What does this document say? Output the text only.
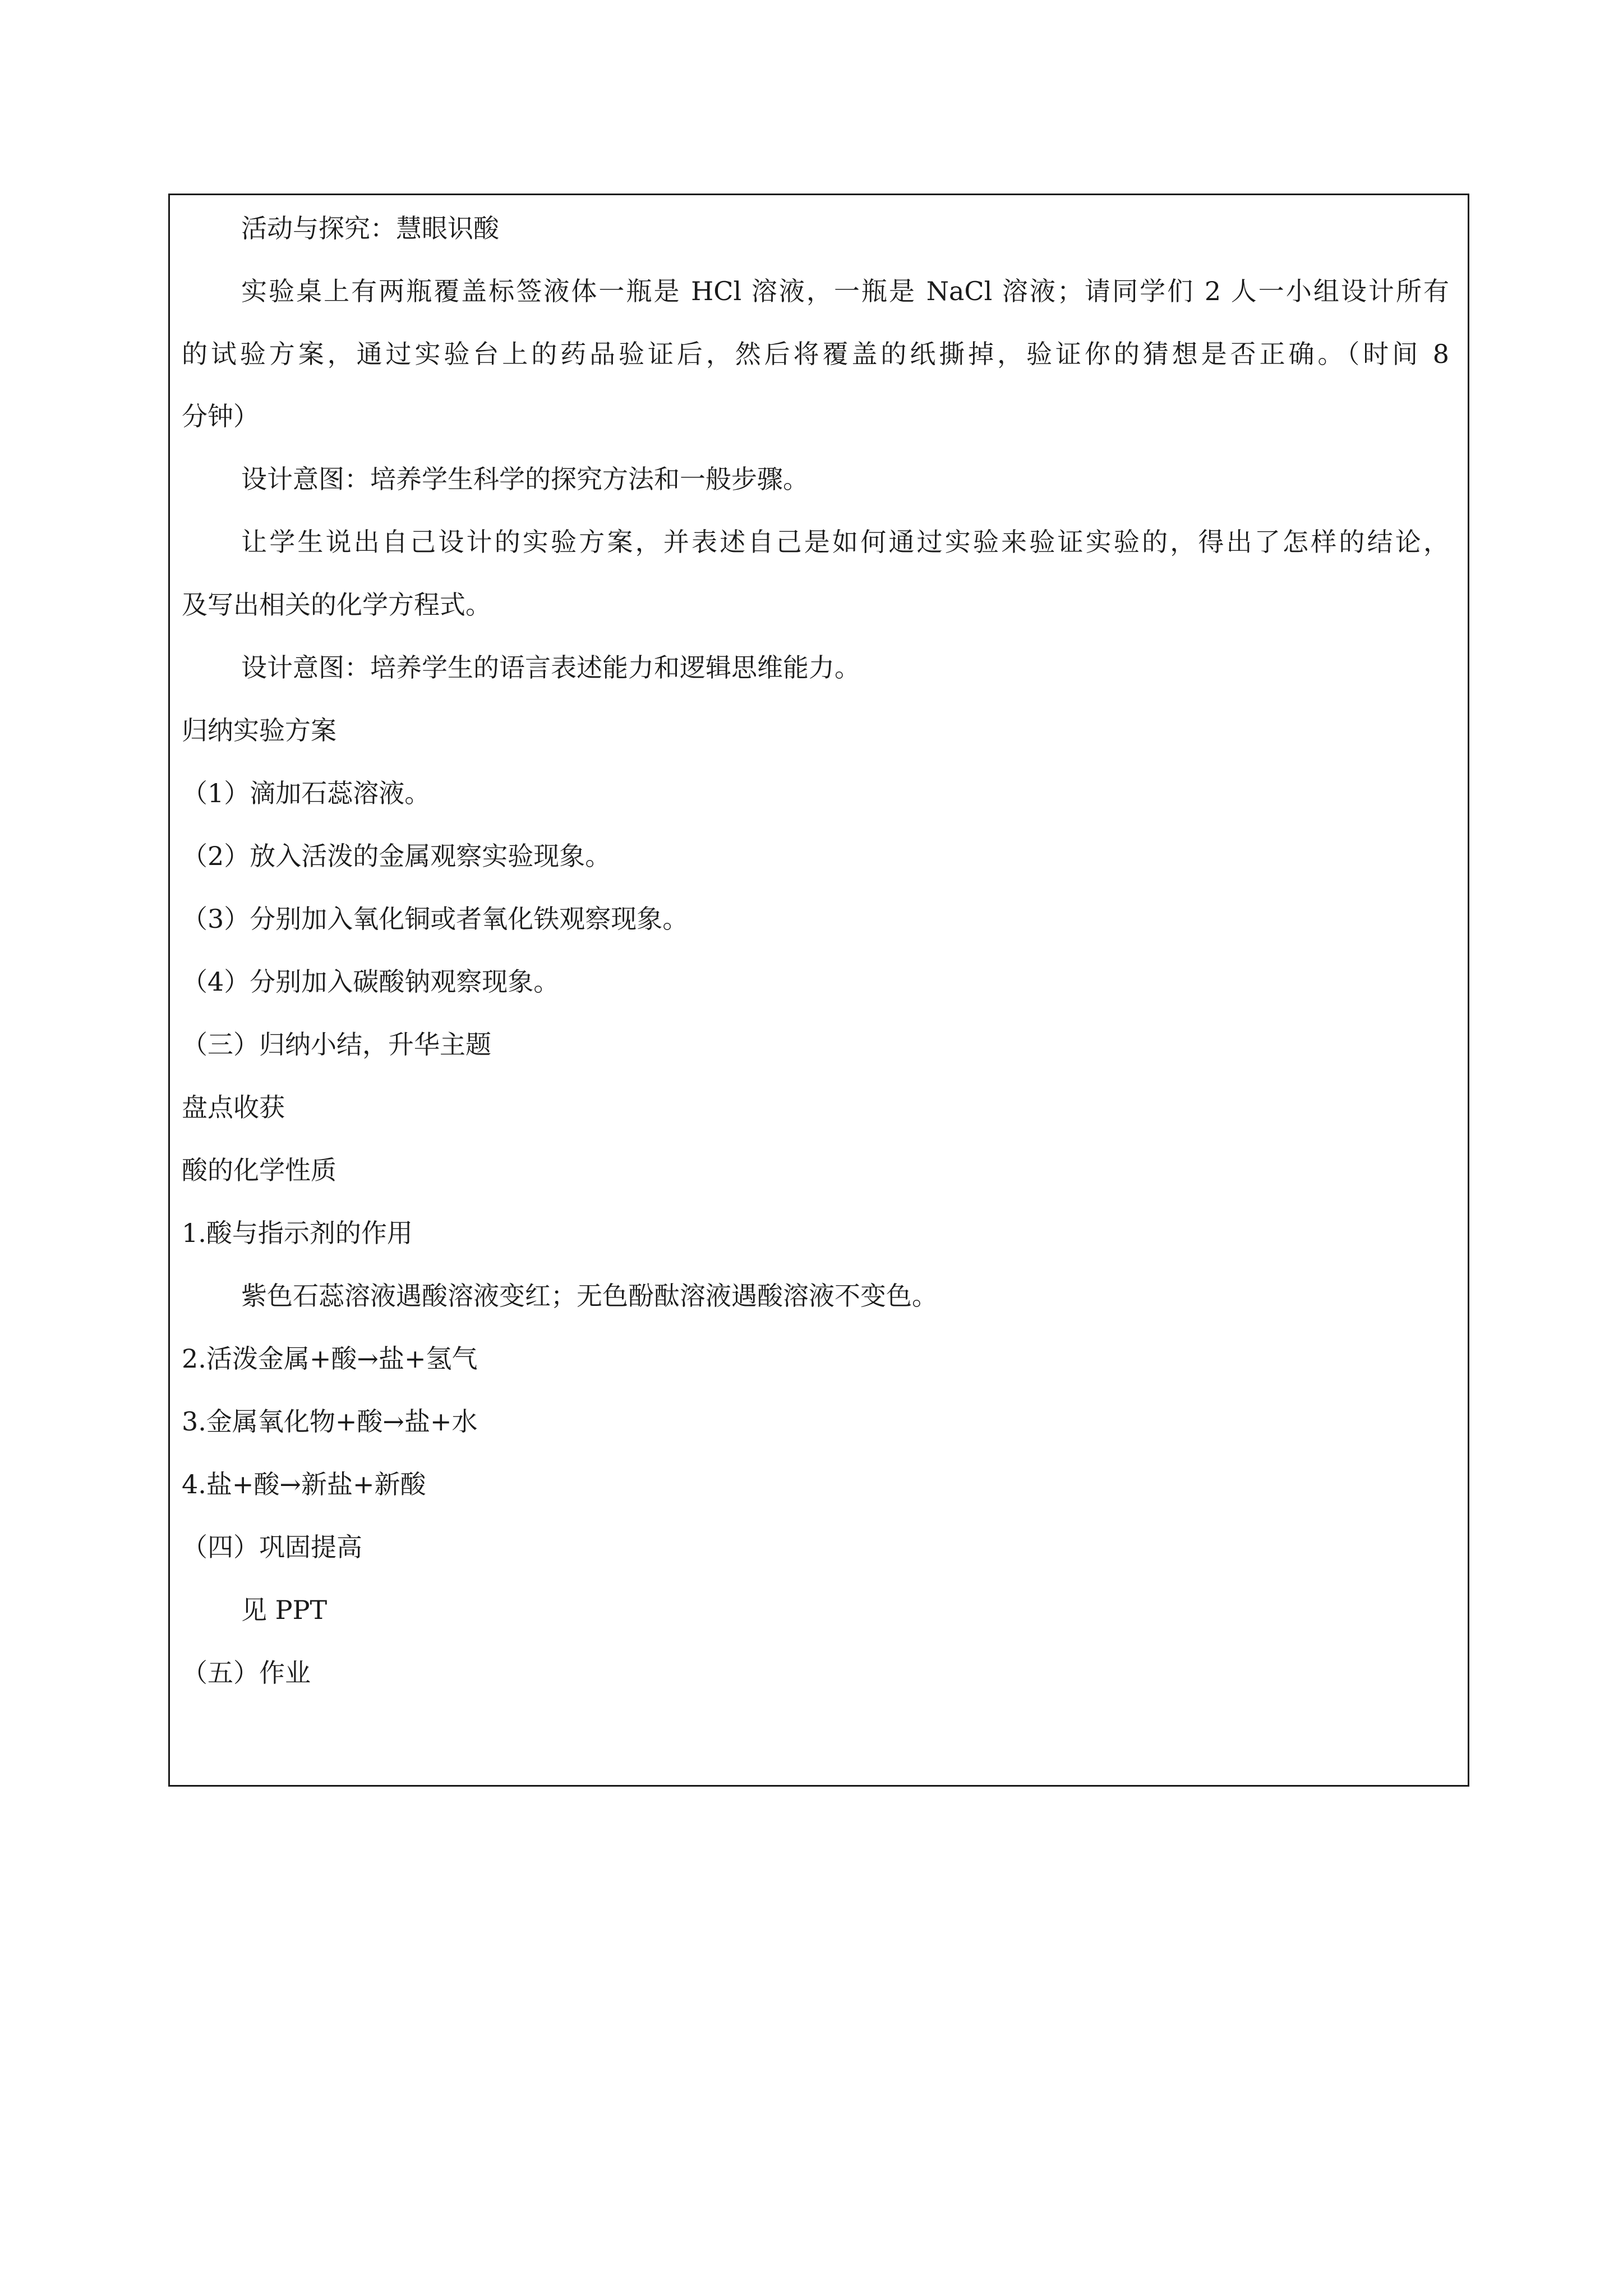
活动与探究：慧眼识酸
实验桌上有两瓶覆盖标签液体一瓶是 HCl 溶液，一瓶是 NaCl 溶液；请同学们 2 人一小组设计所有
的试验方案，通过实验台上的药品验证后，然后将覆盖的纸撕掉，验证你的猜想是否正确。（时间 8
分钟）
设计意图：培养学生科学的探究方法和一般步骤。
让学生说出自己设计的实验方案，并表述自己是如何通过实验来验证实验的，得出了怎样的结论，
及写出相关的化学方程式。
设计意图：培养学生的语言表述能力和逻辑思维能力。
归纳实验方案
（1）滴加石蕊溶液。
（2）放入活泼的金属观察实验现象。
（3）分别加入氧化铜或者氧化铁观察现象。
（4）分别加入碳酸钠观察现象。
（三）归纳小结，升华主题
盘点收获
酸的化学性质
1.酸与指示剂的作用
紫色石蕊溶液遇酸溶液变红；无色酚酞溶液遇酸溶液不变色。
2.活泼金属+酸→盐+氢气
3.金属氧化物+酸→盐+水
4.盐+酸→新盐+新酸
（四）巩固提高
见 PPT
（五）作业
